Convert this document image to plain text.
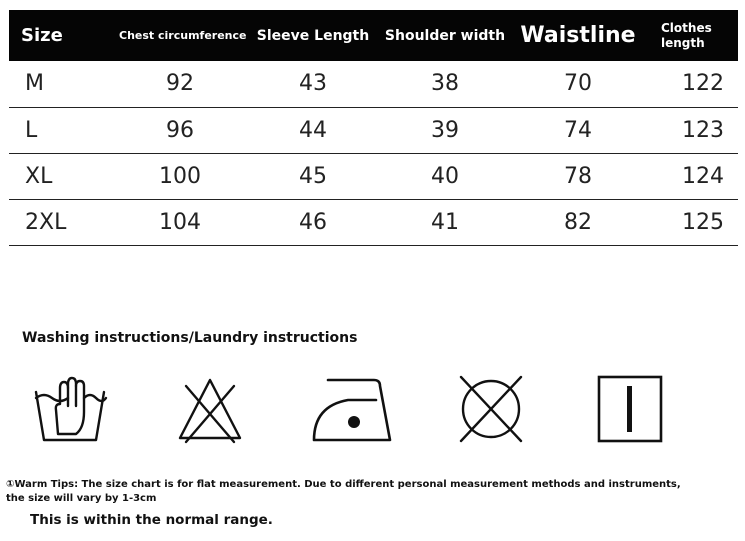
Size	Chest circumference	Sleeve Length	Shoulder width	Waistline	Clothes length
M	92	43	38	70	122
L	96	44	39	74	123
XL	100	45	40	78	124
2XL	104	46	41	82	125
Washing instructions/Laundry instructions
①Warm Tips: The size chart is for flat measurement. Due to different personal measurement methods and instruments, the size will vary by 1-3cm
This is within the normal range.
